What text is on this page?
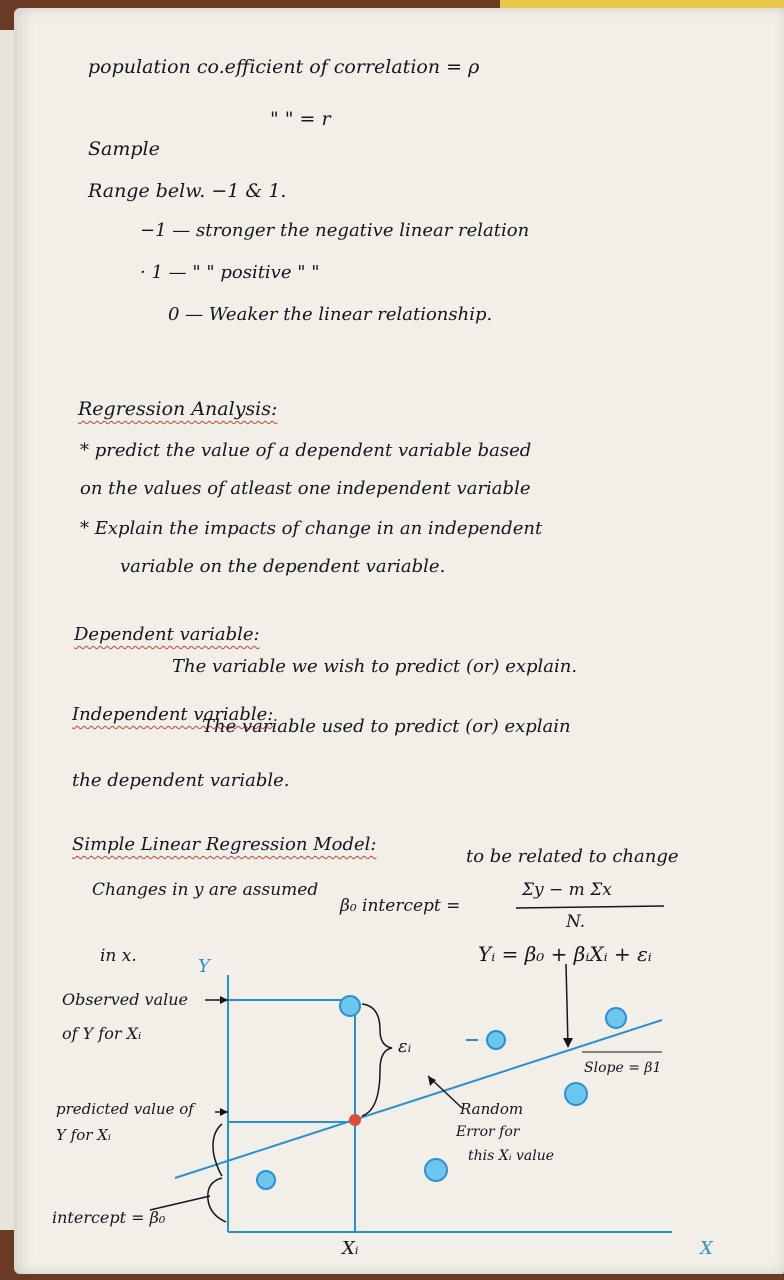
population co.efficient of correlation = ρ
Sample
" " = r
Range belw. −1 & 1.
−1 — stronger the negative linear relation
· 1 — " " positive " "
0 — Weaker the linear relationship.
Regression Analysis:
* predict the value of a dependent variable based
on the values of atleast one independent variable
* Explain the impacts of change in an independent
variable on the dependent variable.
Dependent variable:
The variable we wish to predict (or) explain.
Independent variable:
The variable used to predict (or) explain
the dependent variable.
Simple Linear Regression Model:
to be related to change
Changes in y are assumed
β₀ intercept =
Σy − m Σx
N.
in x.	Yᵢ = β₀ + βᵢXᵢ + εᵢ
Y
X
Xᵢ
Observed value
of Y for Xᵢ
predicted value of
Y for Xᵢ
εᵢ
Slope = β1
Random
Error for
this Xᵢ value
intercept = β₀
